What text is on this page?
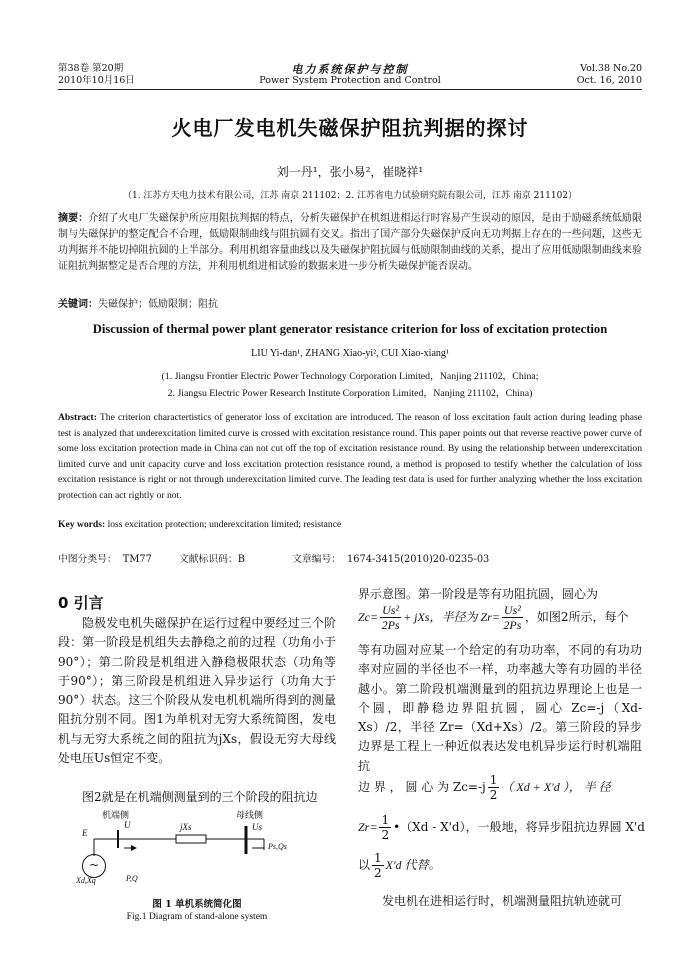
第38卷 第20期
2010年10月16日
电力系统保护与控制
Power System Protection and Control
Vol.38 No.20
Oct. 16, 2010
火电厂发电机失磁保护阻抗判据的探讨
刘一丹¹，张小易²，崔晓祥¹
（1. 江苏方天电力技术有限公司，江苏 南京 211102；2. 江苏省电力试验研究院有限公司，江苏 南京 211102）
摘要：介绍了火电厂失磁保护所应用阻抗判据的特点，分析失磁保护在机组进相运行时容易产生误动的原因，是由于励磁系统低励限制与失磁保护的整定配合不合理，低励限制曲线与阻抗圆有交叉。指出了国产部分失磁保护反向无功判据上存在的一些问题，这些无功判据并不能切掉阻抗圆的上半部分。利用机组容量曲线以及失磁保护阻抗圆与低励限制曲线的关系，提出了应用低励限制曲线来验证阻抗判据整定是否合理的方法，并利用机组进相试验的数据来进一步分析失磁保护能否误动。
关键词：失磁保护；低励限制；阻抗
Discussion of thermal power plant generator resistance criterion for loss of excitation protection
LIU Yi-dan¹, ZHANG Xiao-yi², CUI Xiao-xiang¹
(1. Jiangsu Frontier Electric Power Technology Corporation Limited，Nanjing 211102，China;
2. Jiangsu Electric Power Research Institute Corporation Limited，Nanjing 211102，China)
Abstract: The criterion charactertistics of generator loss of excitation are introduced. The reason of loss excitation fault action during leading phase test is analyzed that underexcitation limited curve is crossed with excitation resistance round. This paper points out that reverse reactive power curve of some loss excitation protection made in China can not cut off the top of excitation resistance round. By using the relationship between underexcitation limited curve and unit capacity curve and loss excitation protection resistance round, a method is proposed to testify whether the calculation of loss excitation resistance is right or not through underexcitation limited curve. The leading test data is used for further analyzing whether the loss excitation protection can act rightly or not.
Key words: loss excitation protection; underexcitation limited; resistance
中图分类号： TM77	文献标识码：B	文章编号： 1674-3415(2010)20-0235-03
0 引言
隐极发电机失磁保护在运行过程中要经过三个阶段：第一阶段是机组失去静稳之前的过程（功角小于90°）；第二阶段是机组进入静稳极限状态（功角等于90°）；第三阶段是机组进入异步运行（功角大于90°）状态。这三个阶段从发电机机端所得到的测量阻抗分别不同。图1为单机对无穷大系统简图，发电机与无穷大系统之间的阻抗为jXs，假设无穷大母线处电压Us恒定不变。
图2就是在机端侧测量到的三个阶段的阻抗边
~
机端侧	母线侧
E
U	jXs	Us
Xd,Xq	P,Q
Ps,Qs
图 1 单机系统简化图
Fig.1 Diagram of stand-alone system
界示意图。第一阶段是等有功阻抗圆，圆心为
$Zc= \frac{\text{Us²}}{2Ps}$ + jXs，半径为 $Zr= \frac{\text{Us²}}{2Ps}$ ，如图2所示，每个
等有功圆对应某一个给定的有功功率，不同的有功功率对应圆的半径也不一样，功率越大等有功圆的半径越小。第二阶段机端测量到的阻抗边界理论上也是一个圆，即静稳边界阻抗圆，圆心 Zc=-j（Xd-Xs）/2，半径 Zr=（Xd+Xs）/2。第三阶段的异步边界是工程上一种近似表达发电机异步运行时机端阻抗
边 界 ， 圆 心 为 $Zc=-j \frac{1}{2}$ （ Xd + X'd ）， 半 径
$Zr= \frac{1}{2}$ •（Xd - X'd），一般地，将异步阻抗边界圆 X'd
以 $\frac{1}{2} X'd$ 代替。
发电机在进相运行时，机端测量阻抗轨迹就可
